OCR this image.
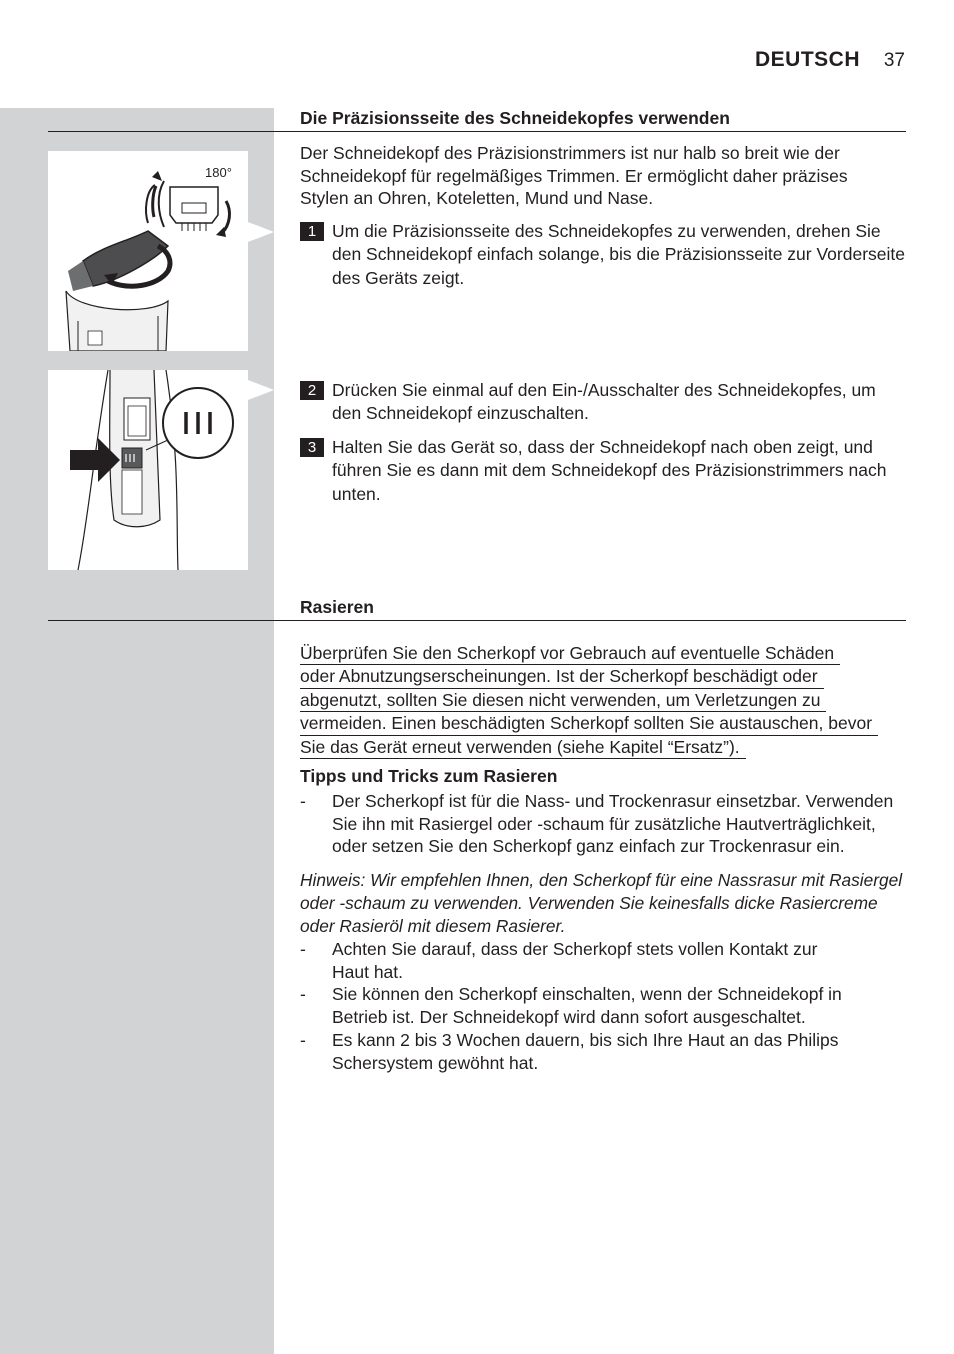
DEUTSCH 37
Die Präzisionsseite des Schneidekopfes verwenden
Der Schneidekopf des Präzisionstrimmers ist nur halb so breit wie der Schneidekopf für regelmäßiges Trimmen. Er ermöglicht daher präzises Stylen an Ohren, Koteletten, Mund und Nase.
1 Um die Präzisionsseite des Schneidekopfes zu verwenden, drehen Sie den Schneidekopf einfach solange, bis die Präzisionsseite zur Vorderseite des Geräts zeigt.
2 Drücken Sie einmal auf den Ein-/Ausschalter des Schneidekopfes, um den Schneidekopf einzuschalten.
3 Halten Sie das Gerät so, dass der Schneidekopf nach oben zeigt, und führen Sie es dann mit dem Schneidekopf des Präzisionstrimmers nach unten.
180°
Rasieren
Überprüfen Sie den Scherkopf vor Gebrauch auf eventuelle Schäden
oder Abnutzungserscheinungen. Ist der Scherkopf beschädigt oder
abgenutzt, sollten Sie diesen nicht verwenden, um Verletzungen zu
vermeiden. Einen beschädigten Scherkopf sollten Sie austauschen, bevor
Sie das Gerät erneut verwenden (siehe Kapitel “Ersatz”).
Tipps und Tricks zum Rasieren
- Der Scherkopf ist für die Nass- und Trockenrasur einsetzbar. Verwenden Sie ihn mit Rasiergel oder -schaum für zusätzliche Hautverträglichkeit, oder setzen Sie den Scherkopf ganz einfach zur Trockenrasur ein.
Hinweis: Wir empfehlen Ihnen, den Scherkopf für eine Nassrasur mit Rasiergel oder -schaum zu verwenden. Verwenden Sie keinesfalls dicke Rasiercreme oder Rasieröl mit diesem Rasierer.
- Achten Sie darauf, dass der Scherkopf stets vollen Kontakt zur Haut hat.
- Sie können den Scherkopf einschalten, wenn der Schneidekopf in Betrieb ist. Der Schneidekopf wird dann sofort ausgeschaltet.
- Es kann 2 bis 3 Wochen dauern, bis sich Ihre Haut an das Philips Schersystem gewöhnt hat.
